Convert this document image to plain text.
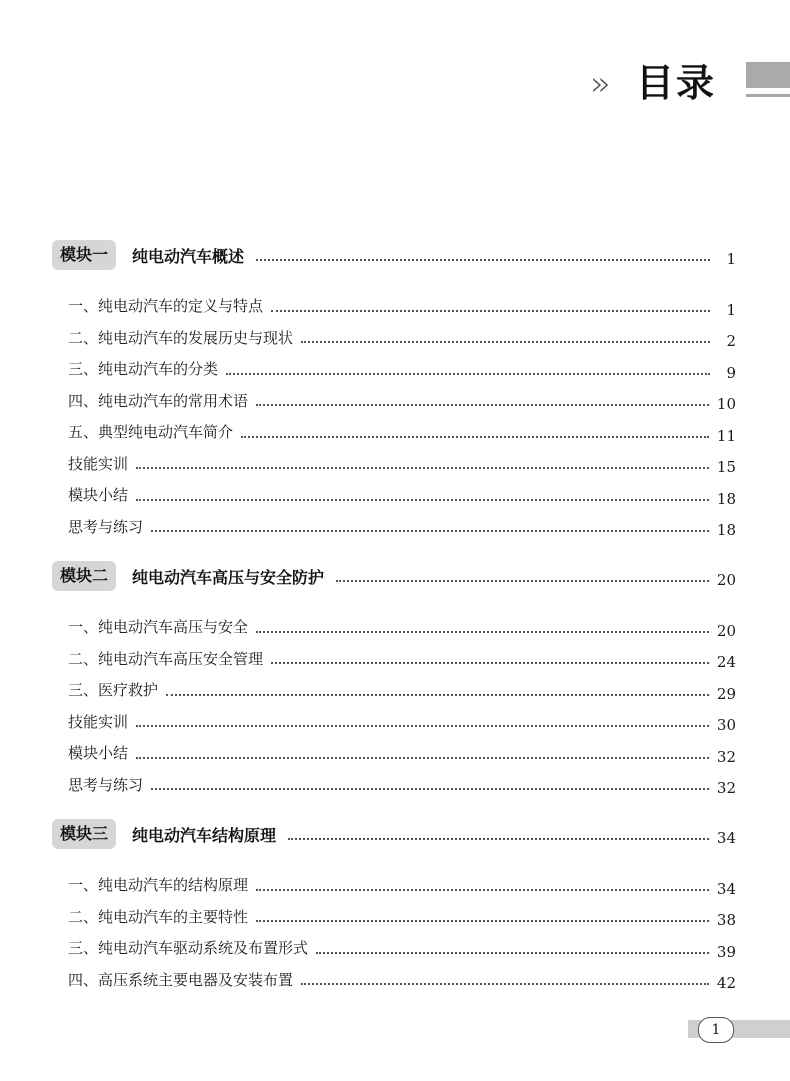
» 目录
模块一	纯电动汽车概述	1
一、纯电动汽车的定义与特点	1
二、纯电动汽车的发展历史与现状	2
三、纯电动汽车的分类	9
四、纯电动汽车的常用术语	10
五、典型纯电动汽车简介	11
技能实训	15
模块小结	18
思考与练习	18
模块二	纯电动汽车高压与安全防护	20
一、纯电动汽车高压与安全	20
二、纯电动汽车高压安全管理	24
三、医疗救护	29
技能实训	30
模块小结	32
思考与练习	32
模块三	纯电动汽车结构原理	34
一、纯电动汽车的结构原理	34
二、纯电动汽车的主要特性	38
三、纯电动汽车驱动系统及布置形式	39
四、高压系统主要电器及安装布置	42
1
